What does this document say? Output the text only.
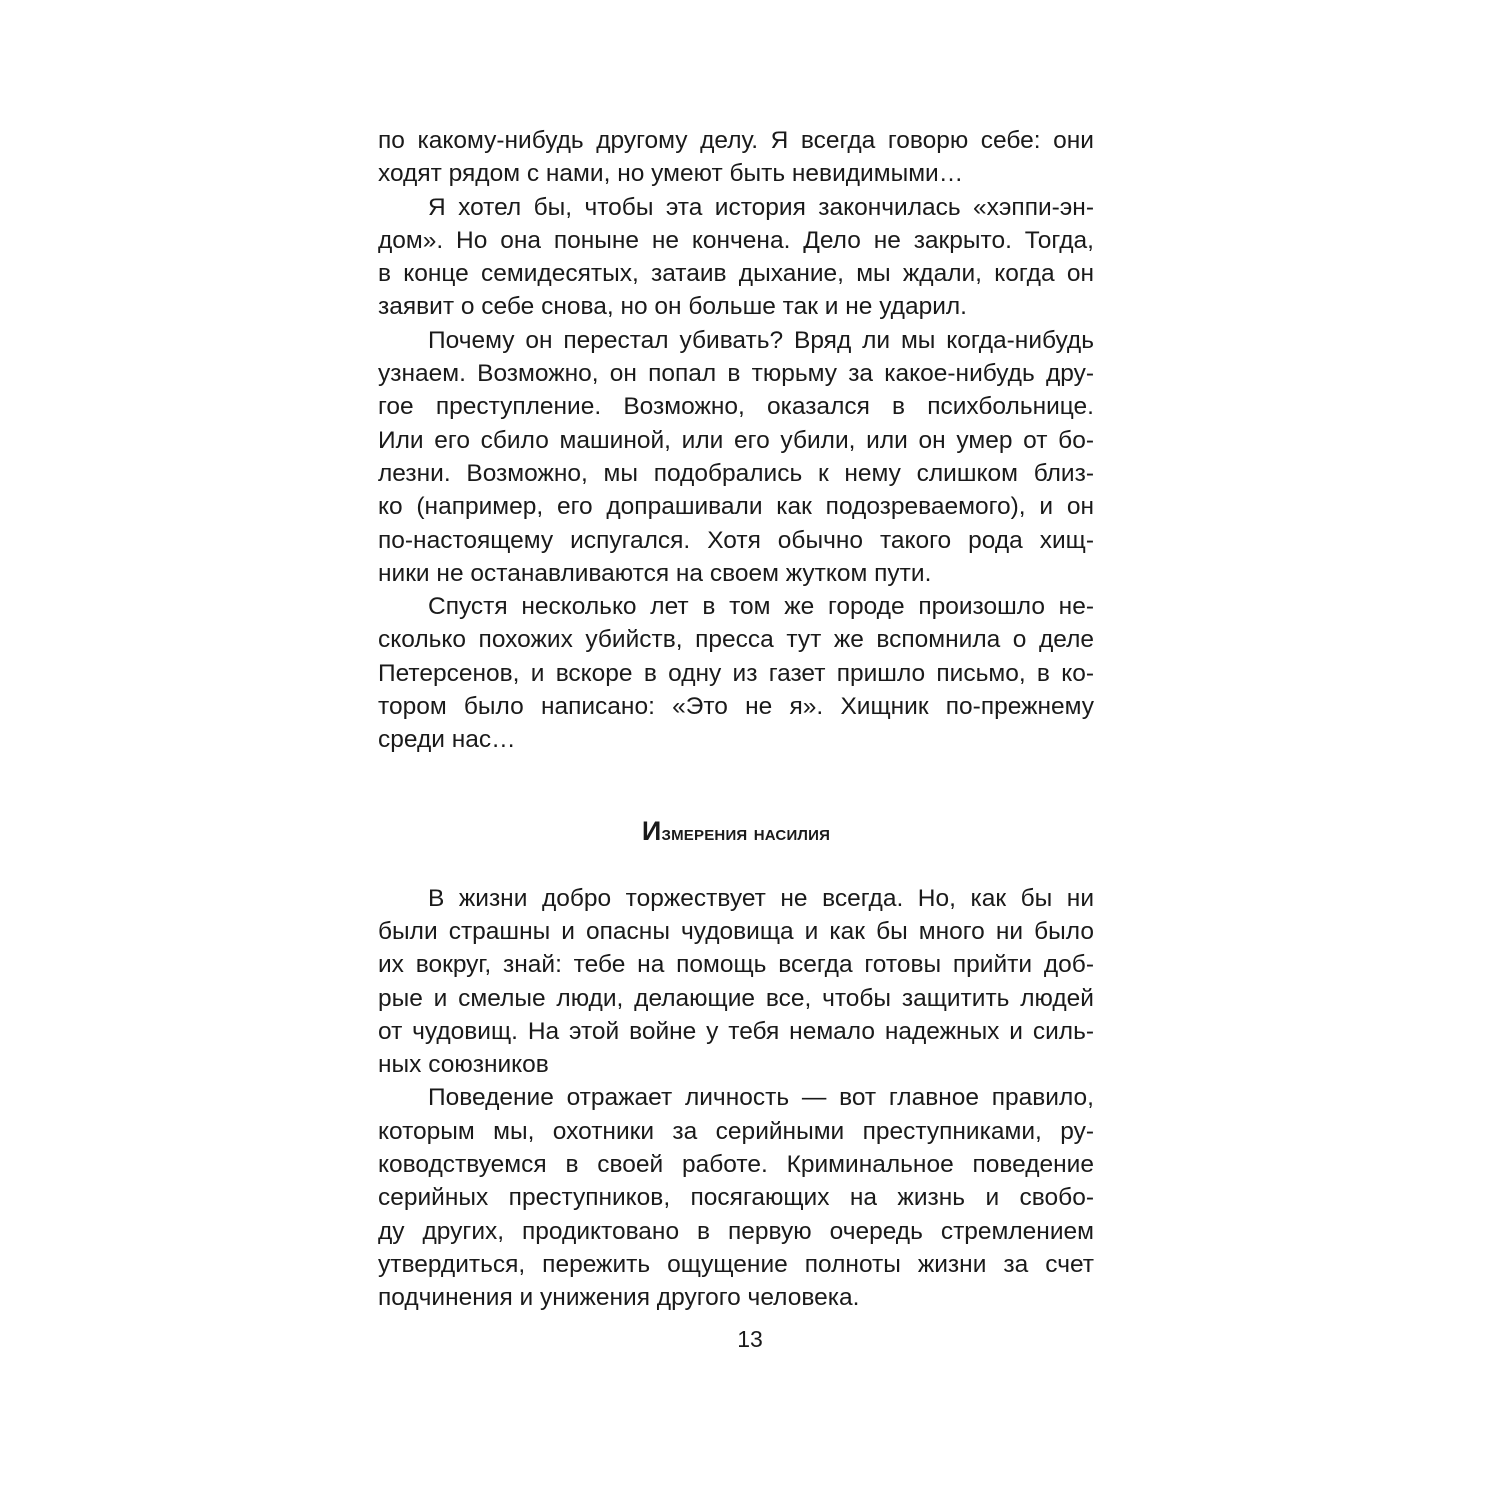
по какому-нибудь другому делу. Я всегда говорю себе: они
ходят рядом с нами, но умеют быть невидимыми…
Я хотел бы, чтобы эта история закончилась «хэппи-эн-
дом». Но она поныне не кончена. Дело не закрыто. Тогда,
в конце семидесятых, затаив дыхание, мы ждали, когда он
заявит о себе снова, но он больше так и не ударил.
Почему он перестал убивать? Вряд ли мы когда-нибудь
узнаем. Возможно, он попал в тюрьму за какое-нибудь дру-
гое преступление. Возможно, оказался в психбольнице.
Или его сбило машиной, или его убили, или он умер от бо-
лезни. Возможно, мы подобрались к нему слишком близ-
ко (например, его допрашивали как подозреваемого), и он
по-настоящему испугался. Хотя обычно такого рода хищ-
ники не останавливаются на своем жутком пути.
Спустя несколько лет в том же городе произошло не-
сколько похожих убийств, пресса тут же вспомнила о деле
Петерсенов, и вскоре в одну из газет пришло письмо, в ко-
тором было написано: «Это не я». Хищник по-прежнему
среди нас…
Измерения насилия
В жизни добро торжествует не всегда. Но, как бы ни
были страшны и опасны чудовища и как бы много ни было
их вокруг, знай: тебе на помощь всегда готовы прийти доб-
рые и смелые люди, делающие все, чтобы защитить людей
от чудовищ. На этой войне у тебя немало надежных и силь-
ных союзников
Поведение отражает личность — вот главное правило,
которым мы, охотники за серийными преступниками, ру-
ководствуемся в своей работе. Криминальное поведение
серийных преступников, посягающих на жизнь и свобо-
ду других, продиктовано в первую очередь стремлением
утвердиться, пережить ощущение полноты жизни за счет
подчинения и унижения другого человека.
13
